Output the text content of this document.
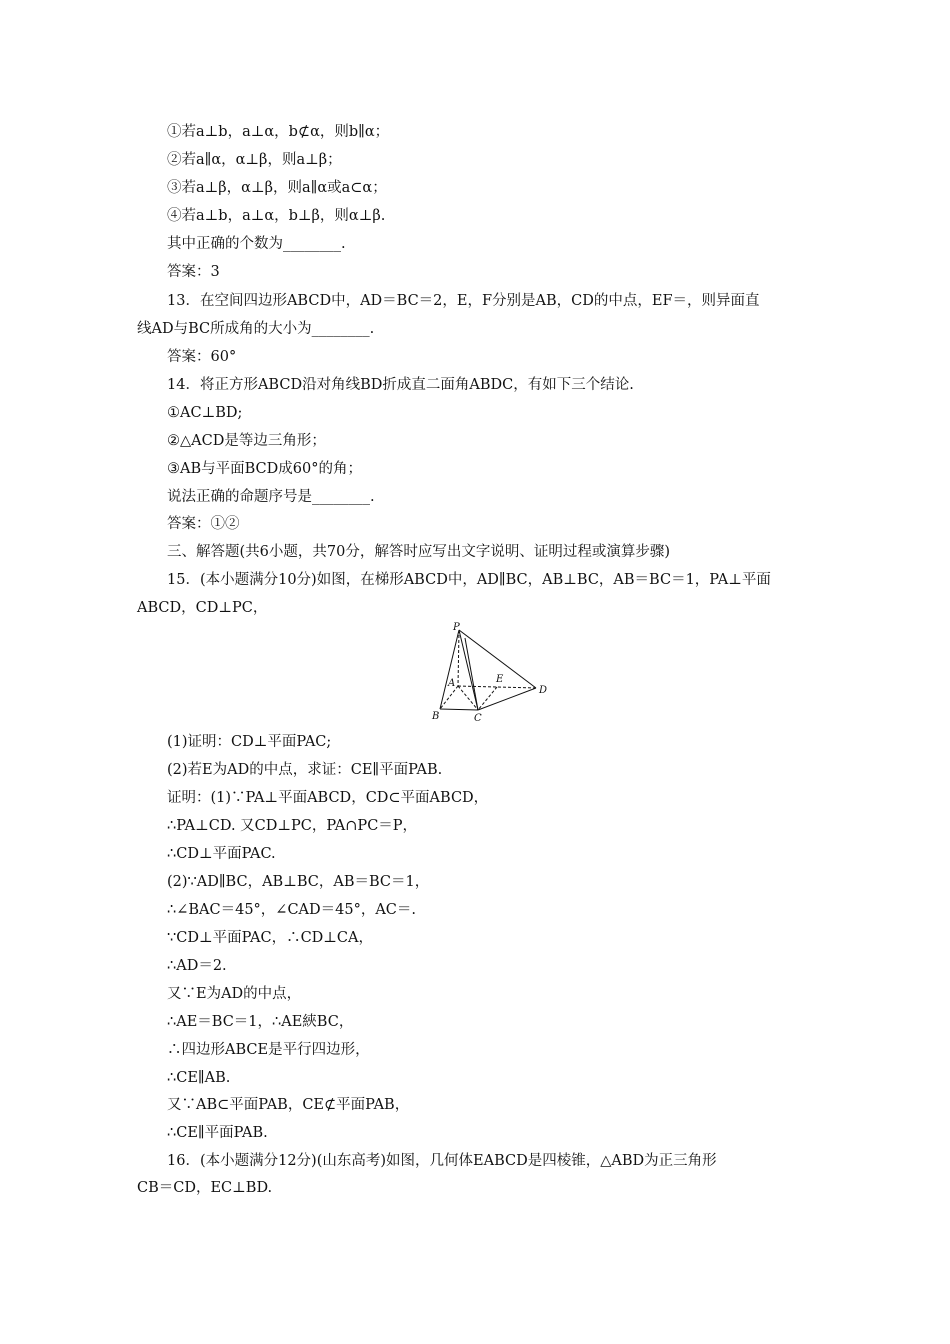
①若a⊥b，a⊥α，b⊄α，则b∥α；
②若a∥α，α⊥β，则a⊥β；
③若a⊥β，α⊥β，则a∥α或a⊂α；
④若a⊥b，a⊥α，b⊥β，则α⊥β.
其中正确的个数为________.
答案：3
13．在空间四边形ABCD中，AD＝BC＝2，E，F分别是AB，CD的中点，EF＝，则异面直
线AD与BC所成角的大小为________.
答案：60°
14．将正方形ABCD沿对角线BD折成直二面角ABDC，有如下三个结论.
①AC⊥BD;
②△ACD是等边三角形；
③AB与平面BCD成60°的角；
说法正确的命题序号是________.
答案：①②
三、解答题(共6小题，共70分，解答时应写出文字说明、证明过程或演算步骤)
15．(本小题满分10分)如图，在梯形ABCD中，AD∥BC，AB⊥BC，AB＝BC＝1，PA⊥平面
ABCD，CD⊥PC，
P
A	E
D
B	C
(1)证明：CD⊥平面PAC;
(2)若E为AD的中点，求证：CE∥平面PAB.
证明：(1)∵PA⊥平面ABCD，CD⊂平面ABCD，
∴PA⊥CD. 又CD⊥PC，PA∩PC＝P，
∴CD⊥平面PAC.
(2)∵AD∥BC，AB⊥BC，AB＝BC＝1，
∴∠BAC＝45°，∠CAD＝45°，AC＝.
∵CD⊥平面PAC，∴CD⊥CA，
∴AD＝2.
又∵E为AD的中点，
∴AE＝BC＝1，∴AE綊BC，
∴四边形ABCE是平行四边形，
∴CE∥AB.
又∵AB⊂平面PAB，CE⊄平面PAB，
∴CE∥平面PAB.
16．(本小题满分12分)(山东高考)如图，几何体EABCD是四棱锥，△ABD为正三角形
CB＝CD，EC⊥BD.
